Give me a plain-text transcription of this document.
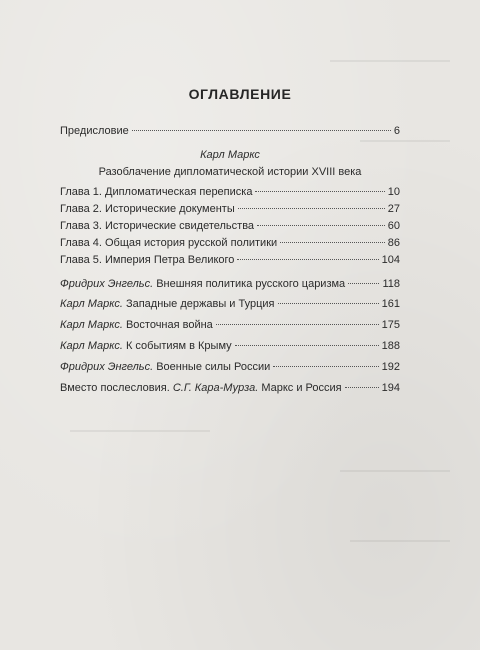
ОГЛАВЛЕНИЕ
Предисловие	6
Карл Маркс
Разоблачение дипломатической истории XVIII века
Глава 1. Дипломатическая переписка	10
Глава 2. Исторические документы	27
Глава 3. Исторические свидетельства	60
Глава 4. Общая история русской политики	86
Глава 5. Империя Петра Великого	104
Фридрих Энгельс. Внешняя политика русского царизма	118
Карл Маркс. Западные державы и Турция	161
Карл Маркс. Восточная война	175
Карл Маркс. К событиям в Крыму	188
Фридрих Энгельс. Военные силы России	192
Вместо послесловия. С.Г. Кара-Мурза. Маркс и Россия	194
